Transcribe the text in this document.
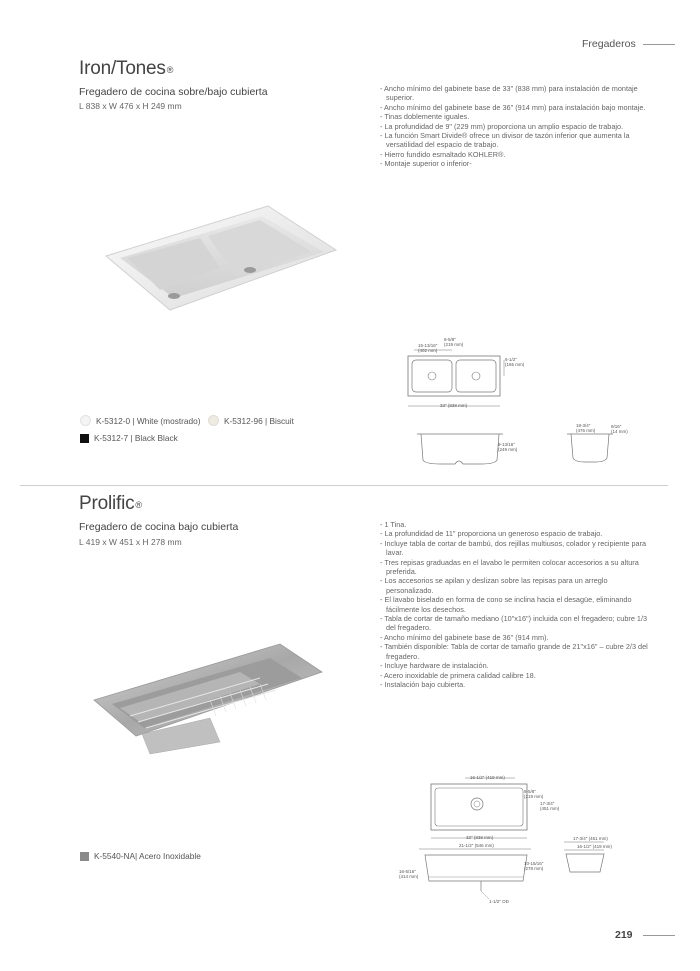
Fregaderos
Iron/Tones®
Fregadero de cocina sobre/bajo cubierta
L 838 x W 476 x H 249 mm
- Ancho mínimo del gabinete base de 33" (838 mm) para instalación de montaje superior.
- Ancho mínimo del gabinete base de 36" (914 mm) para instalación bajo montaje.
- Tinas doblemente iguales.
- La profundidad de 9" (229 mm) proporciona un amplio espacio de trabajo.
- La función Smart Divide® ofrece un divisor de tazón inferior que aumenta la versatilidad del espacio de trabajo.
- Hierro fundido esmaltado KOHLER®.
- Montaje superior o inferior-
8-5/8"
(219 mm)
15-13/16"
(402 mm)
6-1/2"
(165 mm)
33" (838 mm)
9-13/16"
(249 mm)
18-3/4"
(476 mm)
9/16"
(14 mm)
K-5312-0 | White (mostrado)	K-5312-96 | Biscuit
K-5312-7 | Black Black
Prolific®
Fregadero de cocina bajo cubierta
L 419 x W 451 x H 278 mm
- 1 Tina.
- La profundidad de 11" proporciona un generoso espacio de trabajo.
- Incluye tabla de cortar de bambú, dos rejillas multiusos, colador y recipiente para lavar.
- Tres repisas graduadas en el lavabo le permiten colocar accesorios a su altura preferida.
- Los accesorios se apilan y deslizan sobre las repisas para un arreglo personalizado.
- El lavabo biselado en forma de cono se inclina hacia el desagüe, eliminando fácilmente los desechos.
- Tabla de cortar de tamaño mediano (10"x16") incluida con el fregadero; cubre 1/3 del fregadero.
- Ancho mínimo del gabinete base de 36" (914 mm).
- También disponible: Tabla de cortar de tamaño grande de 21"x16" – cubre 2/3 del fregadero.
- Incluye hardware de instalación.
- Acero inoxidable de primera calidad calibre 18.
- Instalación bajo cubierta.
16-1/2" (419 mm)
8-5/8"
(219 mm)
17-3/4"
(451 mm)
33" (838 mm)
21-1/2" (546 mm)
10-15/16"
(278 mm)
16-5/16"
(414 mm)
1-1/2" OD
17-3/4" (451 mm)
16-1/2" (419 mm)
K-5540-NA| Acero Inoxidable
219
